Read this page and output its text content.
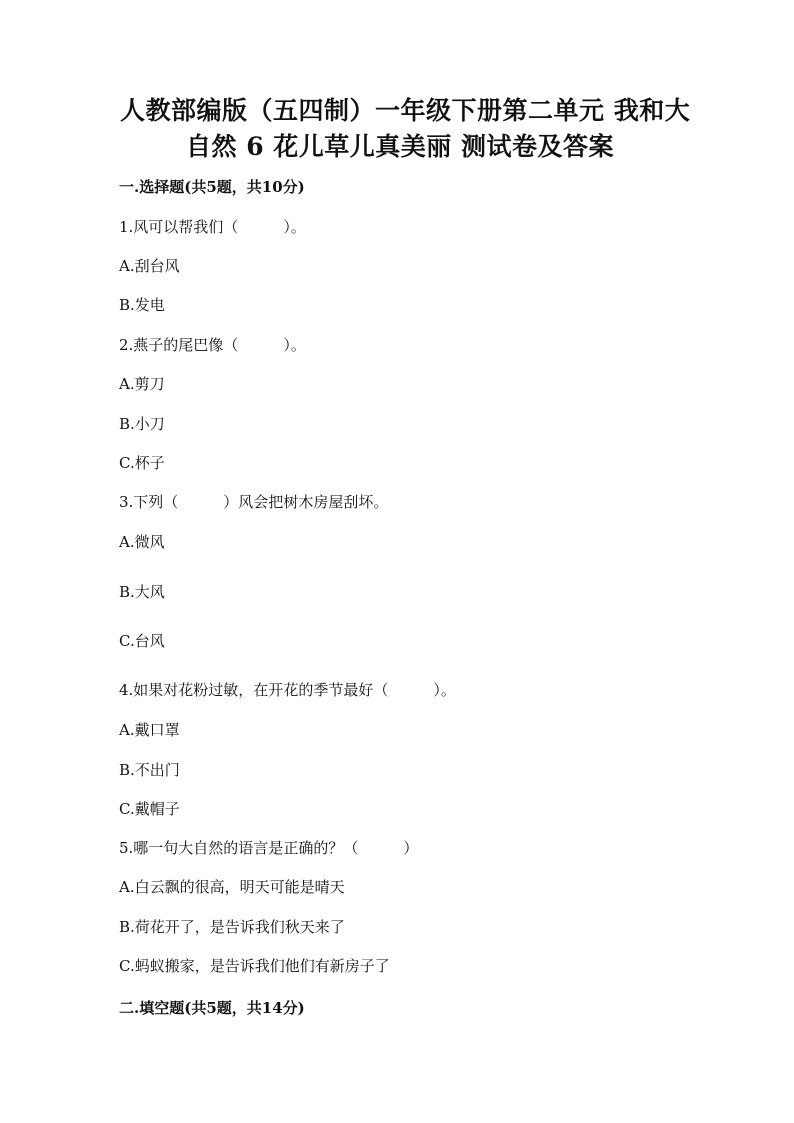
人教部编版（五四制）一年级下册第二单元 我和大
自然 6 花儿草儿真美丽 测试卷及答案
一.选择题(共5题，共10分)
1.风可以帮我们（　　　）。
A.刮台风
B.发电
2.燕子的尾巴像（　　　）。
A.剪刀
B.小刀
C.杯子
3.下列（　　　）风会把树木房屋刮坏。
A.微风
B.大风
C.台风
4.如果对花粉过敏，在开花的季节最好（　　　）。
A.戴口罩
B.不出门
C.戴帽子
5.哪一句大自然的语言是正确的？（　　　）
A.白云飘的很高，明天可能是晴天
B.荷花开了，是告诉我们秋天来了
C.蚂蚁搬家，是告诉我们他们有新房子了
二.填空题(共5题，共14分)
